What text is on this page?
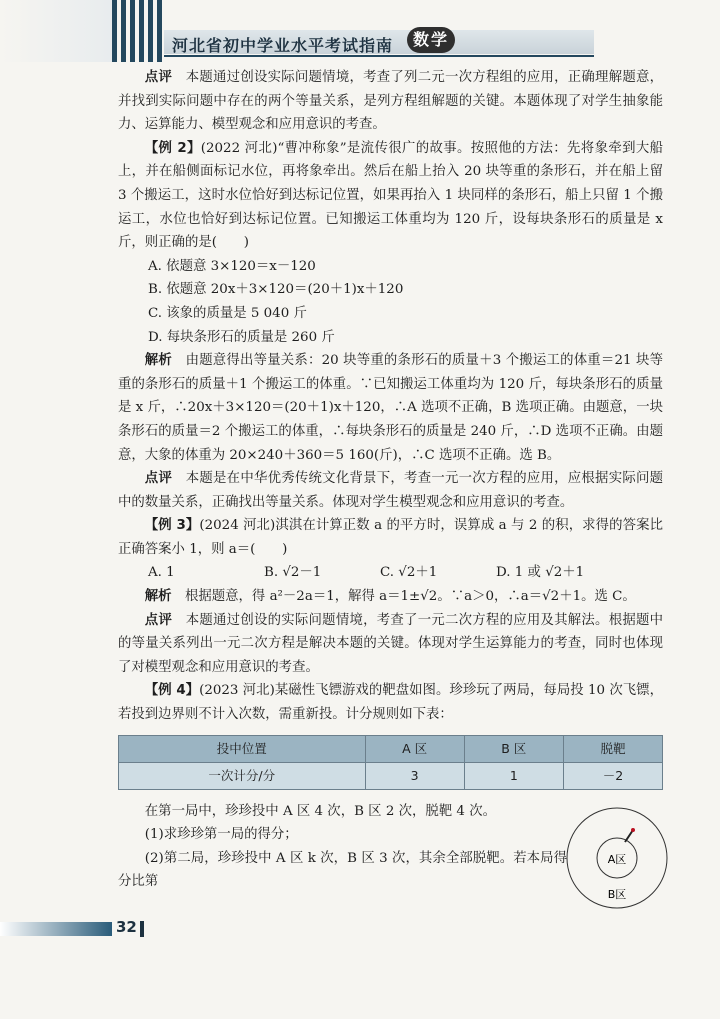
河北省初中学业水平考试指南	数学

点评　 本题通过创设实际问题情境，考查了列二元一次方程组的应用，正确理解题意，并找到实际问题中存在的两个等量关系，是列方程组解题的关键。本题体现了对学生抽象能力、运算能力、模型观念和应用意识的考查。

【例 2】(2022 河北)“曹冲称象”是流传很广的故事。按照他的方法：先将象牵到大船上，并在船侧面标记水位，再将象牵出。然后在船上抬入 20 块等重的条形石，并在船上留 3 个搬运工，这时水位恰好到达标记位置，如果再抬入 1 块同样的条形石，船上只留 1 个搬运工，水位也恰好到达标记位置。已知搬运工体重均为 120 斤，设每块条形石的质量是 x 斤，则正确的是(　　)

A. 依题意 3×120＝x－120

B. 依题意 20x＋3×120＝(20＋1)x＋120

C. 该象的质量是 5 040 斤

D. 每块条形石的质量是 260 斤

解析　 由题意得出等量关系：20 块等重的条形石的质量＋3 个搬运工的体重＝21 块等重的条形石的质量＋1 个搬运工的体重。∵已知搬运工体重均为 120 斤，每块条形石的质量是 x 斤，∴20x＋3×120＝(20＋1)x＋120，∴A 选项不正确，B 选项正确。由题意，一块条形石的质量＝2 个搬运工的体重，∴每块条形石的质量是 240 斤，∴D 选项不正确。由题意，大象的体重为 20×240＋360＝5 160(斤)，∴C 选项不正确。选 B。

点评　 本题是在中华优秀传统文化背景下，考查一元一次方程的应用，应根据实际问题中的数量关系，正确找出等量关系。体现对学生模型观念和应用意识的考查。

【例 3】(2024 河北)淇淇在计算正数 a 的平方时，误算成 a 与 2 的积，求得的答案比正确答案小 1，则 a＝(　　)

A. 1	B. √2－1	C. √2＋1	D. 1 或 √2＋1

解析　 根据题意，得 a²－2a＝1，解得 a＝1±√2。∵a＞0，∴a＝√2＋1。选 C。

点评　 本题通过创设的实际问题情境，考查了一元二次方程的应用及其解法。根据题中的等量关系列出一元二次方程是解决本题的关键。体现对学生运算能力的考查，同时也体现了对模型观念和应用意识的考查。

【例 4】(2023 河北)某磁性飞镖游戏的靶盘如图。珍珍玩了两局，每局投 10 次飞镖，若投到边界则不计入次数，需重新投。计分规则如下表：

投中位置	A 区	B 区	脱靶
一次计分/分	3	1	－2

在第一局中，珍珍投中 A 区 4 次，B 区 2 次，脱靶 4 次。

(1)求珍珍第一局的得分；

(2)第二局，珍珍投中 A 区 k 次，B 区 3 次，其余全部脱靶。若本局得分比第

A区
B区
32
